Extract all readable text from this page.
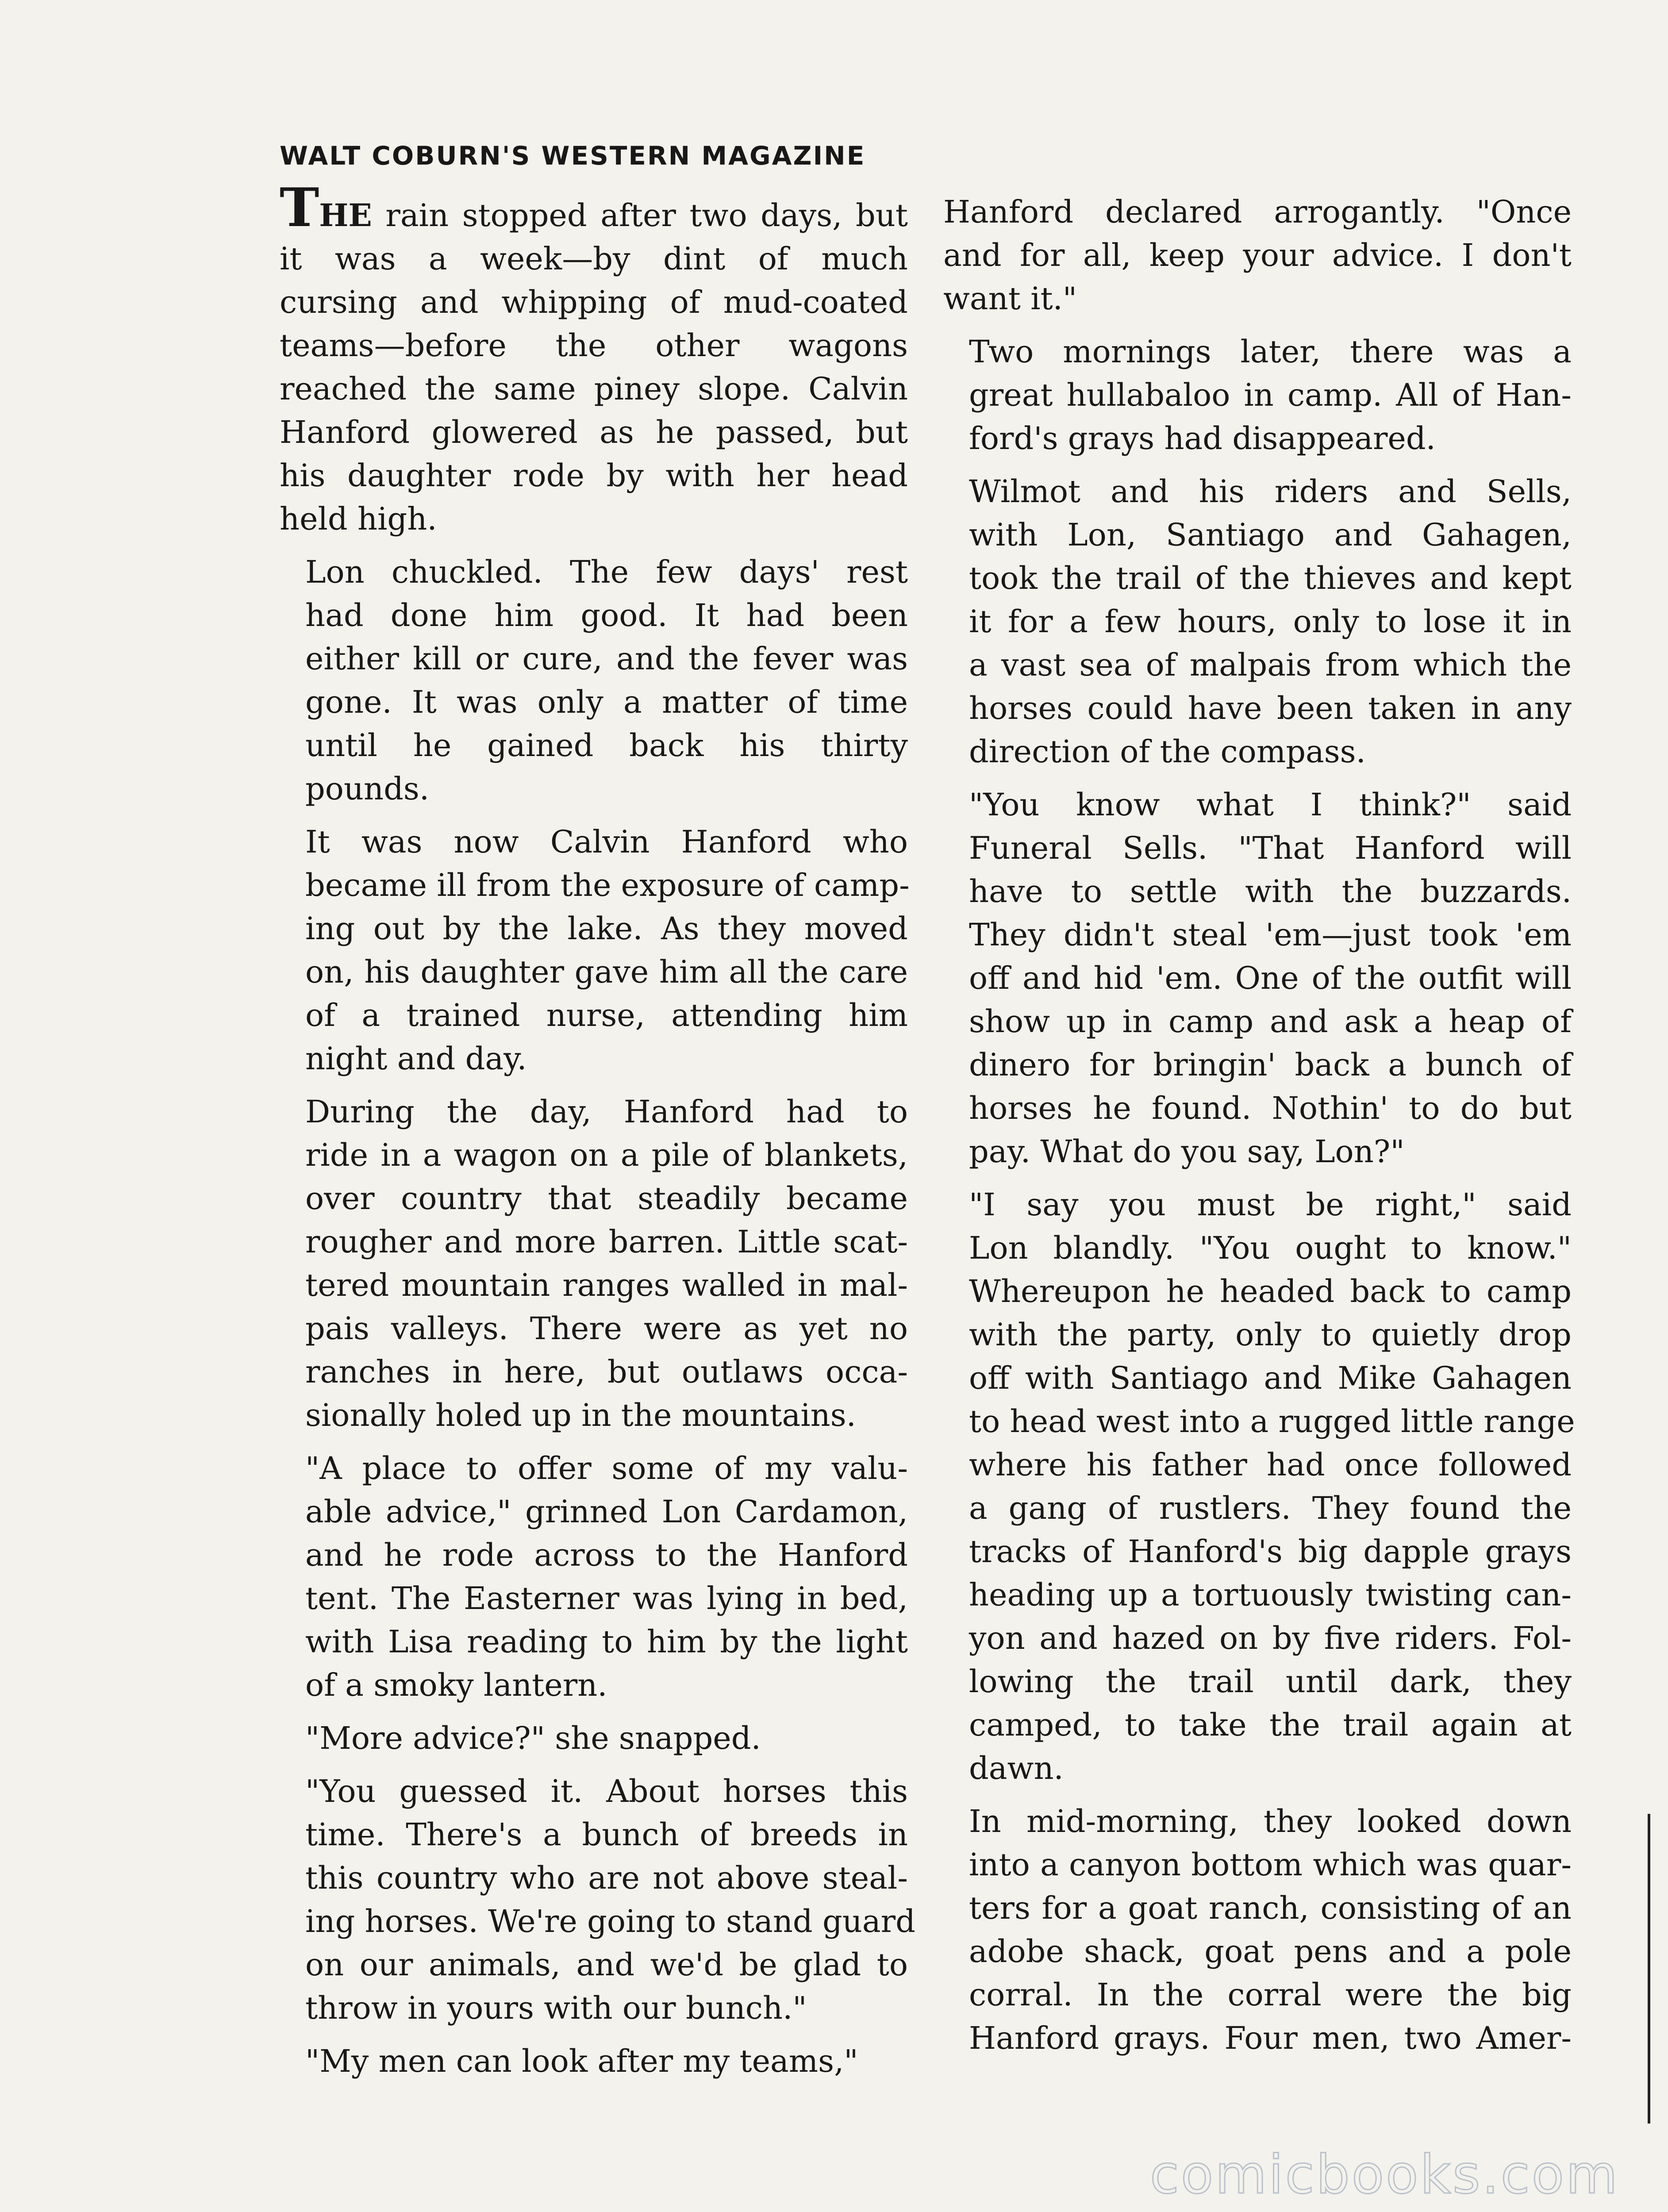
WALT COBURN'S WESTERN MAGAZINE

THE rain stopped after two days, but
it was a week—by dint of much
cursing and whipping of mud-coated
teams—before the other wagons
reached the same piney slope. Calvin
Hanford glowered as he passed, but
his daughter rode by with her head
held high.

Lon chuckled. The few days' rest
had done him good. It had been
either kill or cure, and the fever was
gone. It was only a matter of time
until he gained back his thirty
pounds.

It was now Calvin Hanford who
became ill from the exposure of camp-
ing out by the lake. As they moved
on, his daughter gave him all the care
of a trained nurse, attending him
night and day.

During the day, Hanford had to
ride in a wagon on a pile of blankets,
over country that steadily became
rougher and more barren. Little scat-
tered mountain ranges walled in mal-
pais valleys. There were as yet no
ranches in here, but outlaws occa-
sionally holed up in the mountains.

"A place to offer some of my valu-
able advice," grinned Lon Cardamon,
and he rode across to the Hanford
tent. The Easterner was lying in bed,
with Lisa reading to him by the light
of a smoky lantern.

"More advice?" she snapped.

"You guessed it. About horses this
time. There's a bunch of breeds in
this country who are not above steal-
ing horses. We're going to stand guard
on our animals, and we'd be glad to
throw in yours with our bunch."

"My men can look after my teams,"

Hanford declared arrogantly. "Once
and for all, keep your advice. I don't
want it."

Two mornings later, there was a
great hullabaloo in camp. All of Han-
ford's grays had disappeared.

Wilmot and his riders and Sells,
with Lon, Santiago and Gahagen,
took the trail of the thieves and kept
it for a few hours, only to lose it in
a vast sea of malpais from which the
horses could have been taken in any
direction of the compass.

"You know what I think?" said
Funeral Sells. "That Hanford will
have to settle with the buzzards.
They didn't steal 'em—just took 'em
off and hid 'em. One of the outfit will
show up in camp and ask a heap of
dinero for bringin' back a bunch of
horses he found. Nothin' to do but
pay. What do you say, Lon?"

"I say you must be right," said
Lon blandly. "You ought to know."
Whereupon he headed back to camp
with the party, only to quietly drop
off with Santiago and Mike Gahagen
to head west into a rugged little range
where his father had once followed
a gang of rustlers. They found the
tracks of Hanford's big dapple grays
heading up a tortuously twisting can-
yon and hazed on by five riders. Fol-
lowing the trail until dark, they
camped, to take the trail again at
dawn.

In mid-morning, they looked down
into a canyon bottom which was quar-
ters for a goat ranch, consisting of an
adobe shack, goat pens and a pole
corral. In the corral were the big
Hanford grays. Four men, two Amer-

comicbooks.com
